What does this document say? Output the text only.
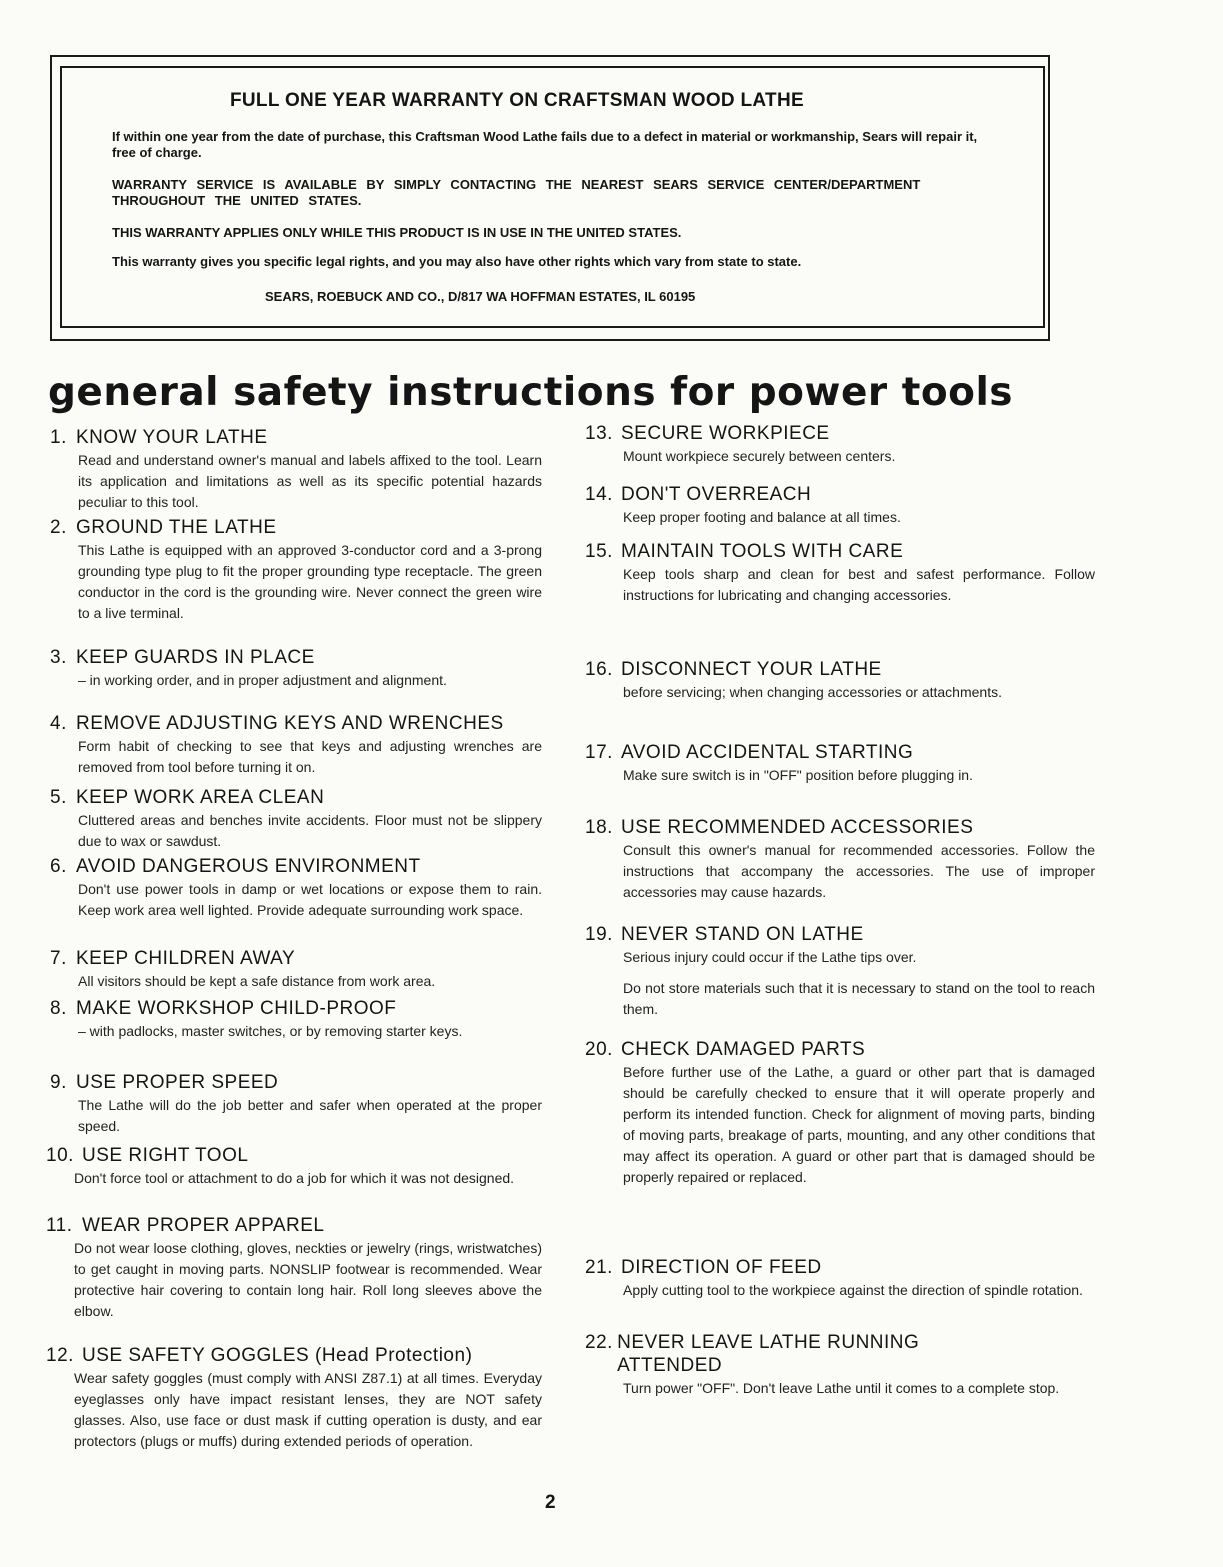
FULL ONE YEAR WARRANTY ON CRAFTSMAN WOOD LATHE
If within one year from the date of purchase, this Craftsman Wood Lathe fails due to a defect in material or workmanship, Sears will repair it, free of charge.
WARRANTY SERVICE IS AVAILABLE BY SIMPLY CONTACTING THE NEAREST SEARS SERVICE CENTER/DEPARTMENT THROUGHOUT THE UNITED STATES.
THIS WARRANTY APPLIES ONLY WHILE THIS PRODUCT IS IN USE IN THE UNITED STATES.
This warranty gives you specific legal rights, and you may also have other rights which vary from state to state.
SEARS, ROEBUCK AND CO., D/817 WA HOFFMAN ESTATES, IL 60195
general safety instructions for power tools
1. KNOW YOUR LATHE
Read and understand owner's manual and labels affixed to the tool. Learn its application and limitations as well as its specific potential hazards peculiar to this tool.
2. GROUND THE LATHE
This Lathe is equipped with an approved 3-conductor cord and a 3-prong grounding type plug to fit the proper grounding type receptacle. The green conductor in the cord is the grounding wire. Never connect the green wire to a live terminal.
3. KEEP GUARDS IN PLACE
– in working order, and in proper adjustment and alignment.
4. REMOVE ADJUSTING KEYS AND WRENCHES
Form habit of checking to see that keys and adjusting wrenches are removed from tool before turning it on.
5. KEEP WORK AREA CLEAN
Cluttered areas and benches invite accidents. Floor must not be slippery due to wax or sawdust.
6. AVOID DANGEROUS ENVIRONMENT
Don't use power tools in damp or wet locations or expose them to rain. Keep work area well lighted. Provide adequate surrounding work space.
7. KEEP CHILDREN AWAY
All visitors should be kept a safe distance from work area.
8. MAKE WORKSHOP CHILD-PROOF
– with padlocks, master switches, or by removing starter keys.
9. USE PROPER SPEED
The Lathe will do the job better and safer when operated at the proper speed.
10. USE RIGHT TOOL
Don't force tool or attachment to do a job for which it was not designed.
11. WEAR PROPER APPAREL
Do not wear loose clothing, gloves, neckties or jewelry (rings, wristwatches) to get caught in moving parts. NONSLIP footwear is recommended. Wear protective hair covering to contain long hair. Roll long sleeves above the elbow.
12. USE SAFETY GOGGLES (Head Protection)
Wear safety goggles (must comply with ANSI Z87.1) at all times. Everyday eyeglasses only have impact resistant lenses, they are NOT safety glasses. Also, use face or dust mask if cutting operation is dusty, and ear protectors (plugs or muffs) during extended periods of operation.
13. SECURE WORKPIECE
Mount workpiece securely between centers.
14. DON'T OVERREACH
Keep proper footing and balance at all times.
15. MAINTAIN TOOLS WITH CARE
Keep tools sharp and clean for best and safest performance. Follow instructions for lubricating and changing accessories.
16. DISCONNECT YOUR LATHE
before servicing; when changing accessories or attachments.
17. AVOID ACCIDENTAL STARTING
Make sure switch is in "OFF" position before plugging in.
18. USE RECOMMENDED ACCESSORIES
Consult this owner's manual for recommended accessories. Follow the instructions that accompany the accessories. The use of improper accessories may cause hazards.
19. NEVER STAND ON LATHE
Serious injury could occur if the Lathe tips over.
Do not store materials such that it is necessary to stand on the tool to reach them.
20. CHECK DAMAGED PARTS
Before further use of the Lathe, a guard or other part that is damaged should be carefully checked to ensure that it will operate properly and perform its intended function. Check for alignment of moving parts, binding of moving parts, breakage of parts, mounting, and any other conditions that may affect its operation. A guard or other part that is damaged should be properly repaired or replaced.
21. DIRECTION OF FEED
Apply cutting tool to the workpiece against the direction of spindle rotation.
22. NEVER LEAVE LATHE RUNNING ATTENDED
Turn power "OFF". Don't leave Lathe until it comes to a complete stop.
2
